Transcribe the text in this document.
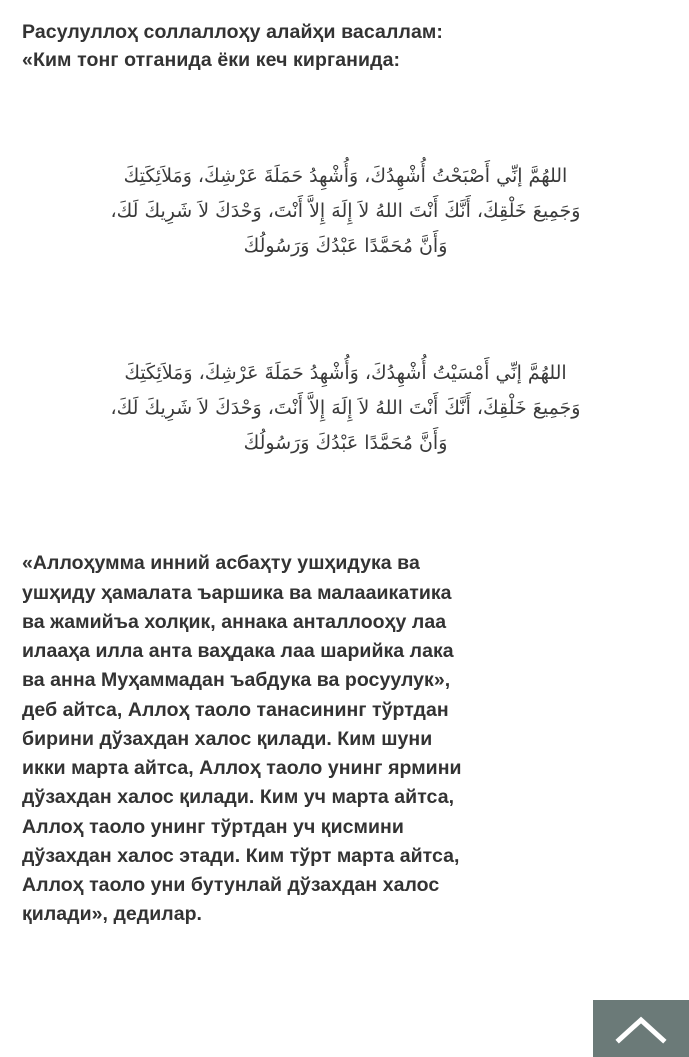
Расулуллоҳ соллаллоҳу алайҳи васаллам:
«Ким тонг отганида ёки кеч кирганида:
اللهُمَّ إنِّي أَصْبَحْتُ أُشْهِدُكَ، وَأُشْهِدُ حَمَلَةَ عَرْشِكَ، وَمَلاَئِكَتِكَ
وَجَمِيعَ خَلْقِكَ، أَنَّكَ أَنْتَ اللهُ لاَ إِلَهَ إِلاَّ أَنْتَ، وَحْدَكَ لاَ شَرِيكَ لَكَ،
وَأَنَّ مُحَمَّدًا عَبْدُكَ وَرَسُولُكَ
اللهُمَّ إنِّي أَمْسَيْتُ أُشْهِدُكَ، وَأُشْهِدُ حَمَلَةَ عَرْشِكَ، وَمَلاَئِكَتِكَ
وَجَمِيعَ خَلْقِكَ، أَنَّكَ أَنْتَ اللهُ لاَ إِلَهَ إِلاَّ أَنْتَ، وَحْدَكَ لاَ شَرِيكَ لَكَ،
وَأَنَّ مُحَمَّدًا عَبْدُكَ وَرَسُولُكَ
«Аллоҳумма инний асбаҳту ушҳидука ва
ушҳиду ҳамалата ъаршика ва малааикатика
ва жамийъа холқик, аннака анталлооҳу лаа
илааҳа илла анта ваҳдака лаа шарийка лака
ва анна Муҳаммадан ъабдука ва росуулук»,
деб айтса, Аллоҳ таоло танасининг тўртдан
бирини дўзахдан халос қилади. Ким шуни
икки марта айтса, Аллоҳ таоло унинг ярмини
дўзахдан халос қилади. Ким уч марта айтса,
Аллоҳ таоло унинг тўртдан уч қисмини
дўзахдан халос этади. Ким тўрт марта айтса,
Аллоҳ таоло уни бутунлай дўзахдан халос
қилади», дедилар.
